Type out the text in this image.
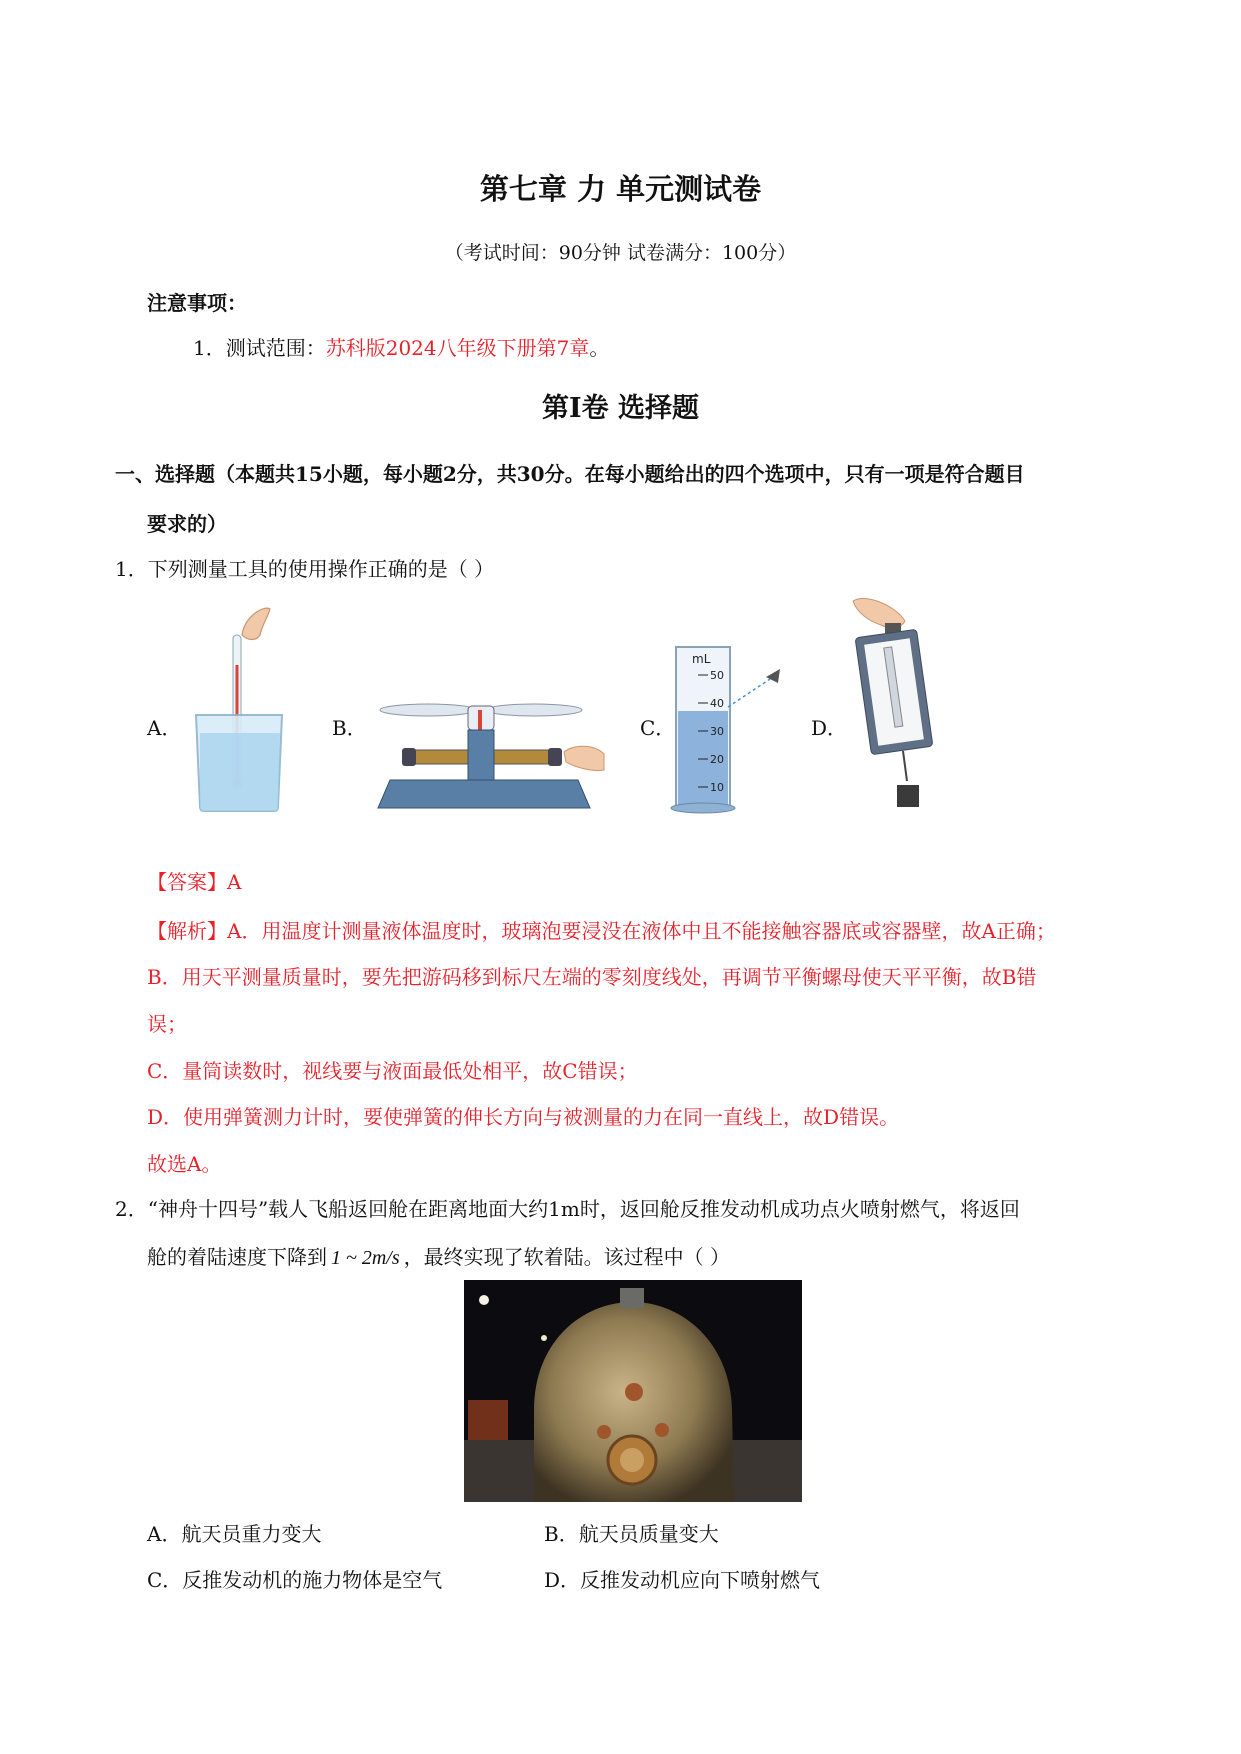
第七章 力 单元测试卷
（考试时间：90分钟 试卷满分：100分）
注意事项：
1．测试范围：苏科版2024八年级下册第7章。
第Ⅰ卷 选择题
一、选择题（本题共15小题，每小题2分，共30分。在每小题给出的四个选项中，只有一项是符合题目
要求的）
1．下列测量工具的使用操作正确的是（ ）
A．	B．	C．	D．
mL
50
40
30
20
10
【答案】A
【解析】A．用温度计测量液体温度时，玻璃泡要浸没在液体中且不能接触容器底或容器壁，故A正确；
B．用天平测量质量时，要先把游码移到标尺左端的零刻度线处，再调节平衡螺母使天平平衡，故B错
误；
C．量筒读数时，视线要与液面最低处相平，故C错误；
D．使用弹簧测力计时，要使弹簧的伸长方向与被测量的力在同一直线上，故D错误。
故选A。
2．“神舟十四号”载人飞船返回舱在距离地面大约1m时，返回舱反推发动机成功点火喷射燃气，将返回
舱的着陆速度下降到 1 ~ 2m/s ，最终实现了软着陆。该过程中（ ）
A．航天员重力变大	B．航天员质量变大
C．反推发动机的施力物体是空气	D．反推发动机应向下喷射燃气
